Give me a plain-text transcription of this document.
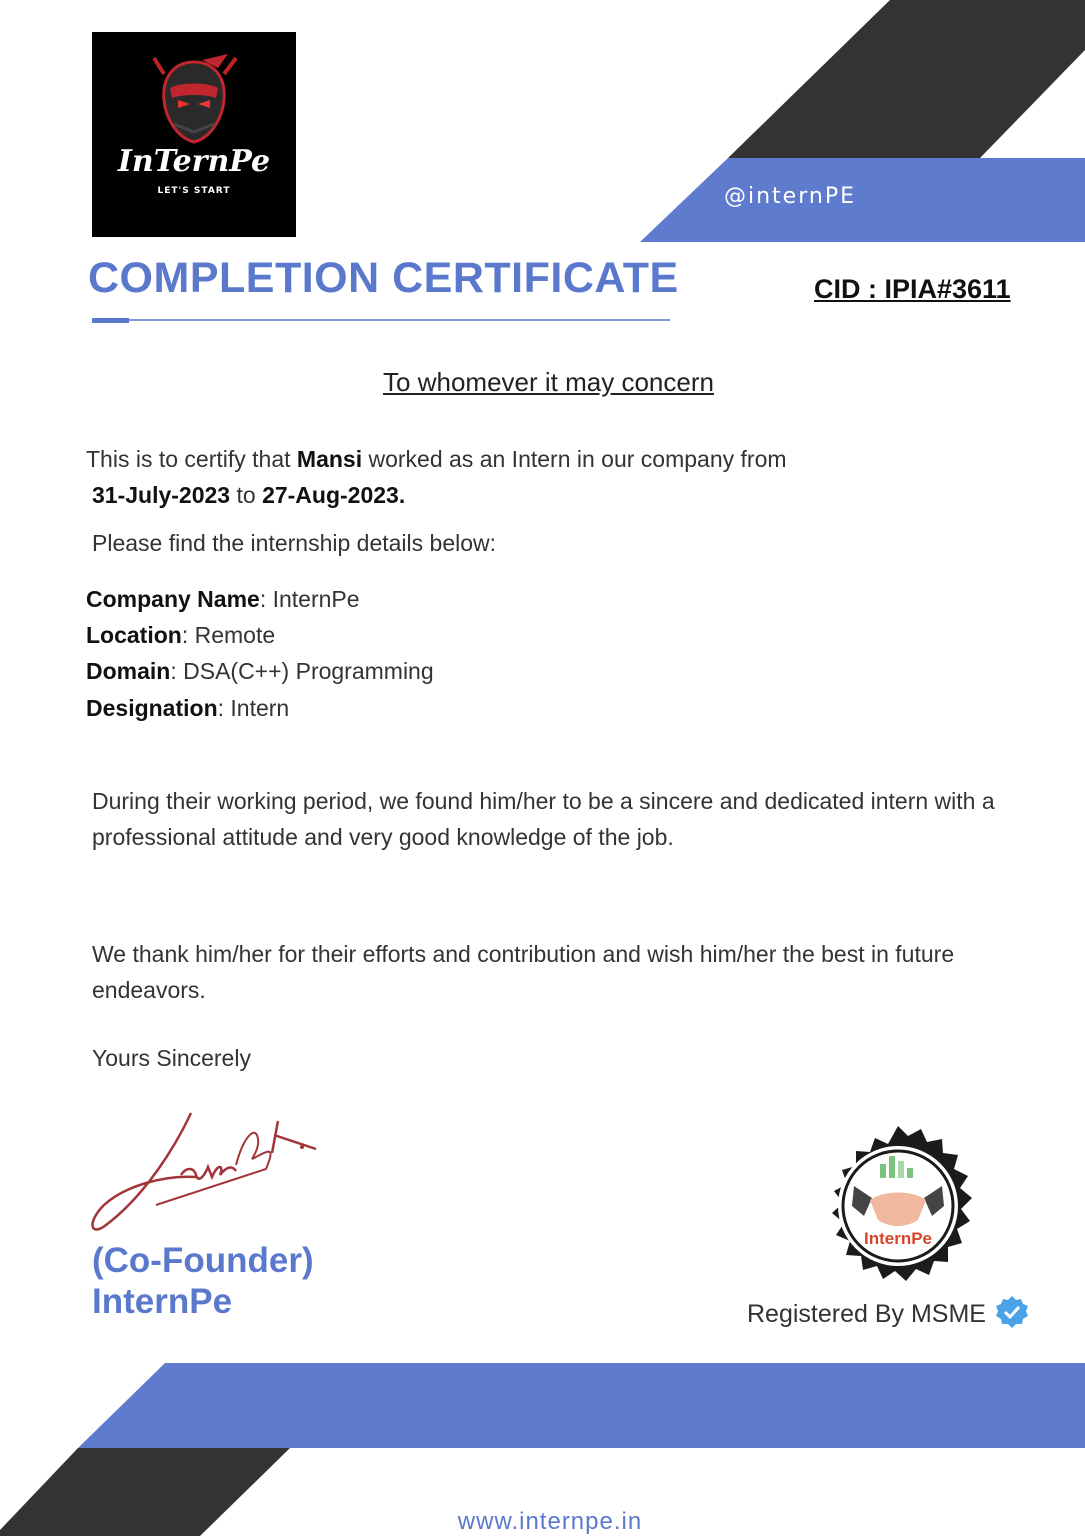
InTernPe
LET'S START	@internPE
COMPLETION CERTIFICATE	CID : IPIA#3611
To whomever it may concern
This is to certify that Mansi worked as an Intern in our company from
31-July-2023 to 27-Aug-2023.
Please find the internship details below:
Company Name: InternPe
Location: Remote
Domain: DSA(C++) Programming
Designation: Intern
During their working period, we found him/her to be a sincere and dedicated intern with a professional attitude and very good knowledge of the job.
We thank him/her for their efforts and contribution and wish him/her the best in future endeavors.
Yours Sincerely
(Co-Founder)
InternPe
InternPe
Registered By MSME
www.internpe.in
